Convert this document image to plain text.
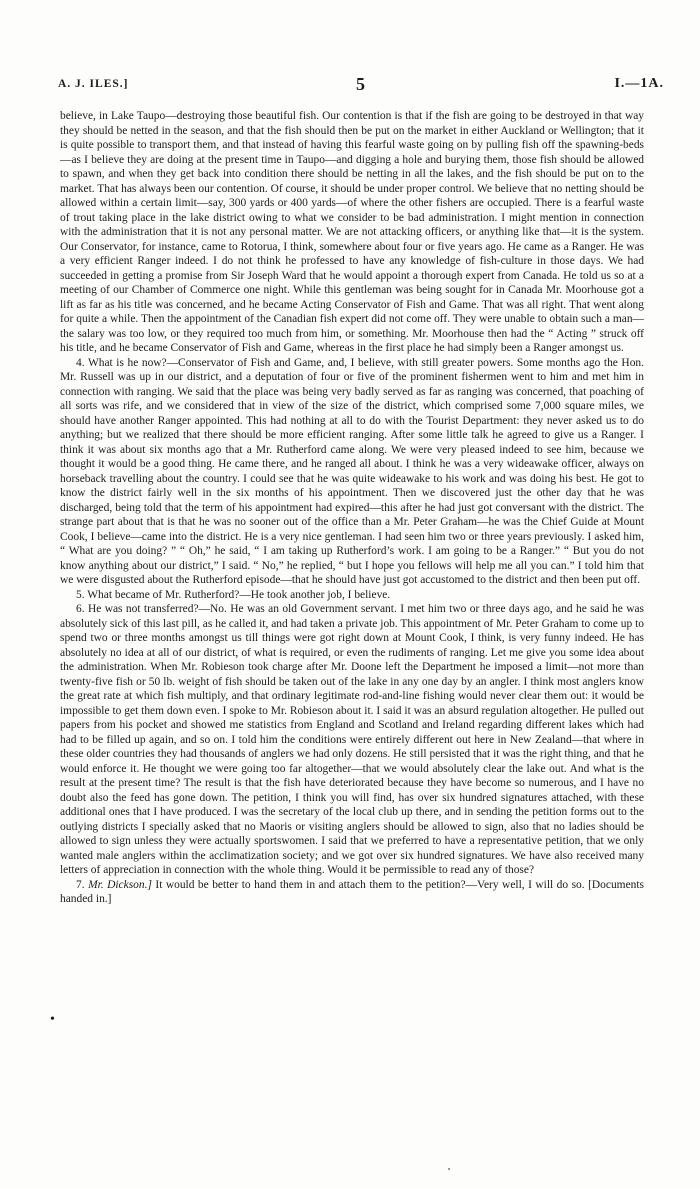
A. J. ILES.]	5	I.—1A.

believe, in Lake Taupo—destroying those beautiful fish. Our contention is that if the fish are going to be destroyed in that way they should be netted in the season, and that the fish should then be put on the market in either Auckland or Wellington; that it is quite possible to transport them, and that instead of having this fearful waste going on by pulling fish off the spawning-beds —as I believe they are doing at the present time in Taupo—and digging a hole and burying them, those fish should be allowed to spawn, and when they get back into condition there should be netting in all the lakes, and the fish should be put on to the market. That has always been our contention. Of course, it should be under proper control. We believe that no netting should be allowed within a certain limit—say, 300 yards or 400 yards—of where the other fishers are occupied. There is a fearful waste of trout taking place in the lake district owing to what we consider to be bad administration. I might mention in connection with the administration that it is not any personal matter. We are not attacking officers, or anything like that—it is the system. Our Conservator, for instance, came to Rotorua, I think, somewhere about four or five years ago. He came as a Ranger. He was a very efficient Ranger indeed. I do not think he professed to have any knowledge of fish-culture in those days. We had succeeded in getting a promise from Sir Joseph Ward that he would appoint a thorough expert from Canada. He told us so at a meeting of our Chamber of Commerce one night. While this gentleman was being sought for in Canada Mr. Moorhouse got a lift as far as his title was concerned, and he became Acting Conservator of Fish and Game. That was all right. That went along for quite a while. Then the appointment of the Canadian fish expert did not come off. They were unable to obtain such a man—the salary was too low, or they required too much from him, or something. Mr. Moorhouse then had the “ Acting ” struck off his title, and he became Conservator of Fish and Game, whereas in the first place he had simply been a Ranger amongst us.

4. What is he now?—Conservator of Fish and Game, and, I believe, with still greater powers. Some months ago the Hon. Mr. Russell was up in our district, and a deputation of four or five of the prominent fishermen went to him and met him in connection with ranging. We said that the place was being very badly served as far as ranging was concerned, that poaching of all sorts was rife, and we considered that in view of the size of the district, which comprised some 7,000 square miles, we should have another Ranger appointed. This had nothing at all to do with the Tourist Department: they never asked us to do anything; but we realized that there should be more efficient ranging. After some little talk he agreed to give us a Ranger. I think it was about six months ago that a Mr. Rutherford came along. We were very pleased indeed to see him, because we thought it would be a good thing. He came there, and he ranged all about. I think he was a very wideawake officer, always on horseback travelling about the country. I could see that he was quite wideawake to his work and was doing his best. He got to know the district fairly well in the six months of his appointment. Then we discovered just the other day that he was discharged, being told that the term of his appointment had expired—this after he had just got conversant with the district. The strange part about that is that he was no sooner out of the office than a Mr. Peter Graham—he was the Chief Guide at Mount Cook, I believe—came into the district. He is a very nice gentleman. I had seen him two or three years previously. I asked him, “ What are you doing? ” “ Oh,” he said, “ I am taking up Rutherford’s work. I am going to be a Ranger.” “ But you do not know anything about our district,” I said. “ No,” he replied, “ but I hope you fellows will help me all you can.” I told him that we were disgusted about the Rutherford episode—that he should have just got accustomed to the district and then been put off.

5. What became of Mr. Rutherford?—He took another job, I believe.

6. He was not transferred?—No. He was an old Government servant. I met him two or three days ago, and he said he was absolutely sick of this last pill, as he called it, and had taken a private job. This appointment of Mr. Peter Graham to come up to spend two or three months amongst us till things were got right down at Mount Cook, I think, is very funny indeed. He has absolutely no idea at all of our district, of what is required, or even the rudiments of ranging. Let me give you some idea about the administration. When Mr. Robieson took charge after Mr. Doone left the Department he imposed a limit—not more than twenty-five fish or 50 lb. weight of fish should be taken out of the lake in any one day by an angler. I think most anglers know the great rate at which fish multiply, and that ordinary legitimate rod-and-line fishing would never clear them out: it would be impossible to get them down even. I spoke to Mr. Robieson about it. I said it was an absurd regulation altogether. He pulled out papers from his pocket and showed me statistics from England and Scotland and Ireland regarding different lakes which had had to be filled up again, and so on. I told him the conditions were entirely different out here in New Zealand—that where in these older countries they had thousands of anglers we had only dozens. He still persisted that it was the right thing, and that he would enforce it. He thought we were going too far altogether—that we would absolutely clear the lake out. And what is the result at the present time? The result is that the fish have deteriorated because they have become so numerous, and I have no doubt also the feed has gone down. The petition, I think you will find, has over six hundred signatures attached, with these additional ones that I have produced. I was the secretary of the local club up there, and in sending the petition forms out to the outlying districts I specially asked that no Maoris or visiting anglers should be allowed to sign, also that no ladies should be allowed to sign unless they were actually sportswomen. I said that we preferred to have a representative petition, that we only wanted male anglers within the acclimatization society; and we got over six hundred signatures. We have also received many letters of appreciation in connection with the whole thing. Would it be permissible to read any of those?

7. Mr. Dickson.] It would be better to hand them in and attach them to the petition?—Very well, I will do so. [Documents handed in.]

•
